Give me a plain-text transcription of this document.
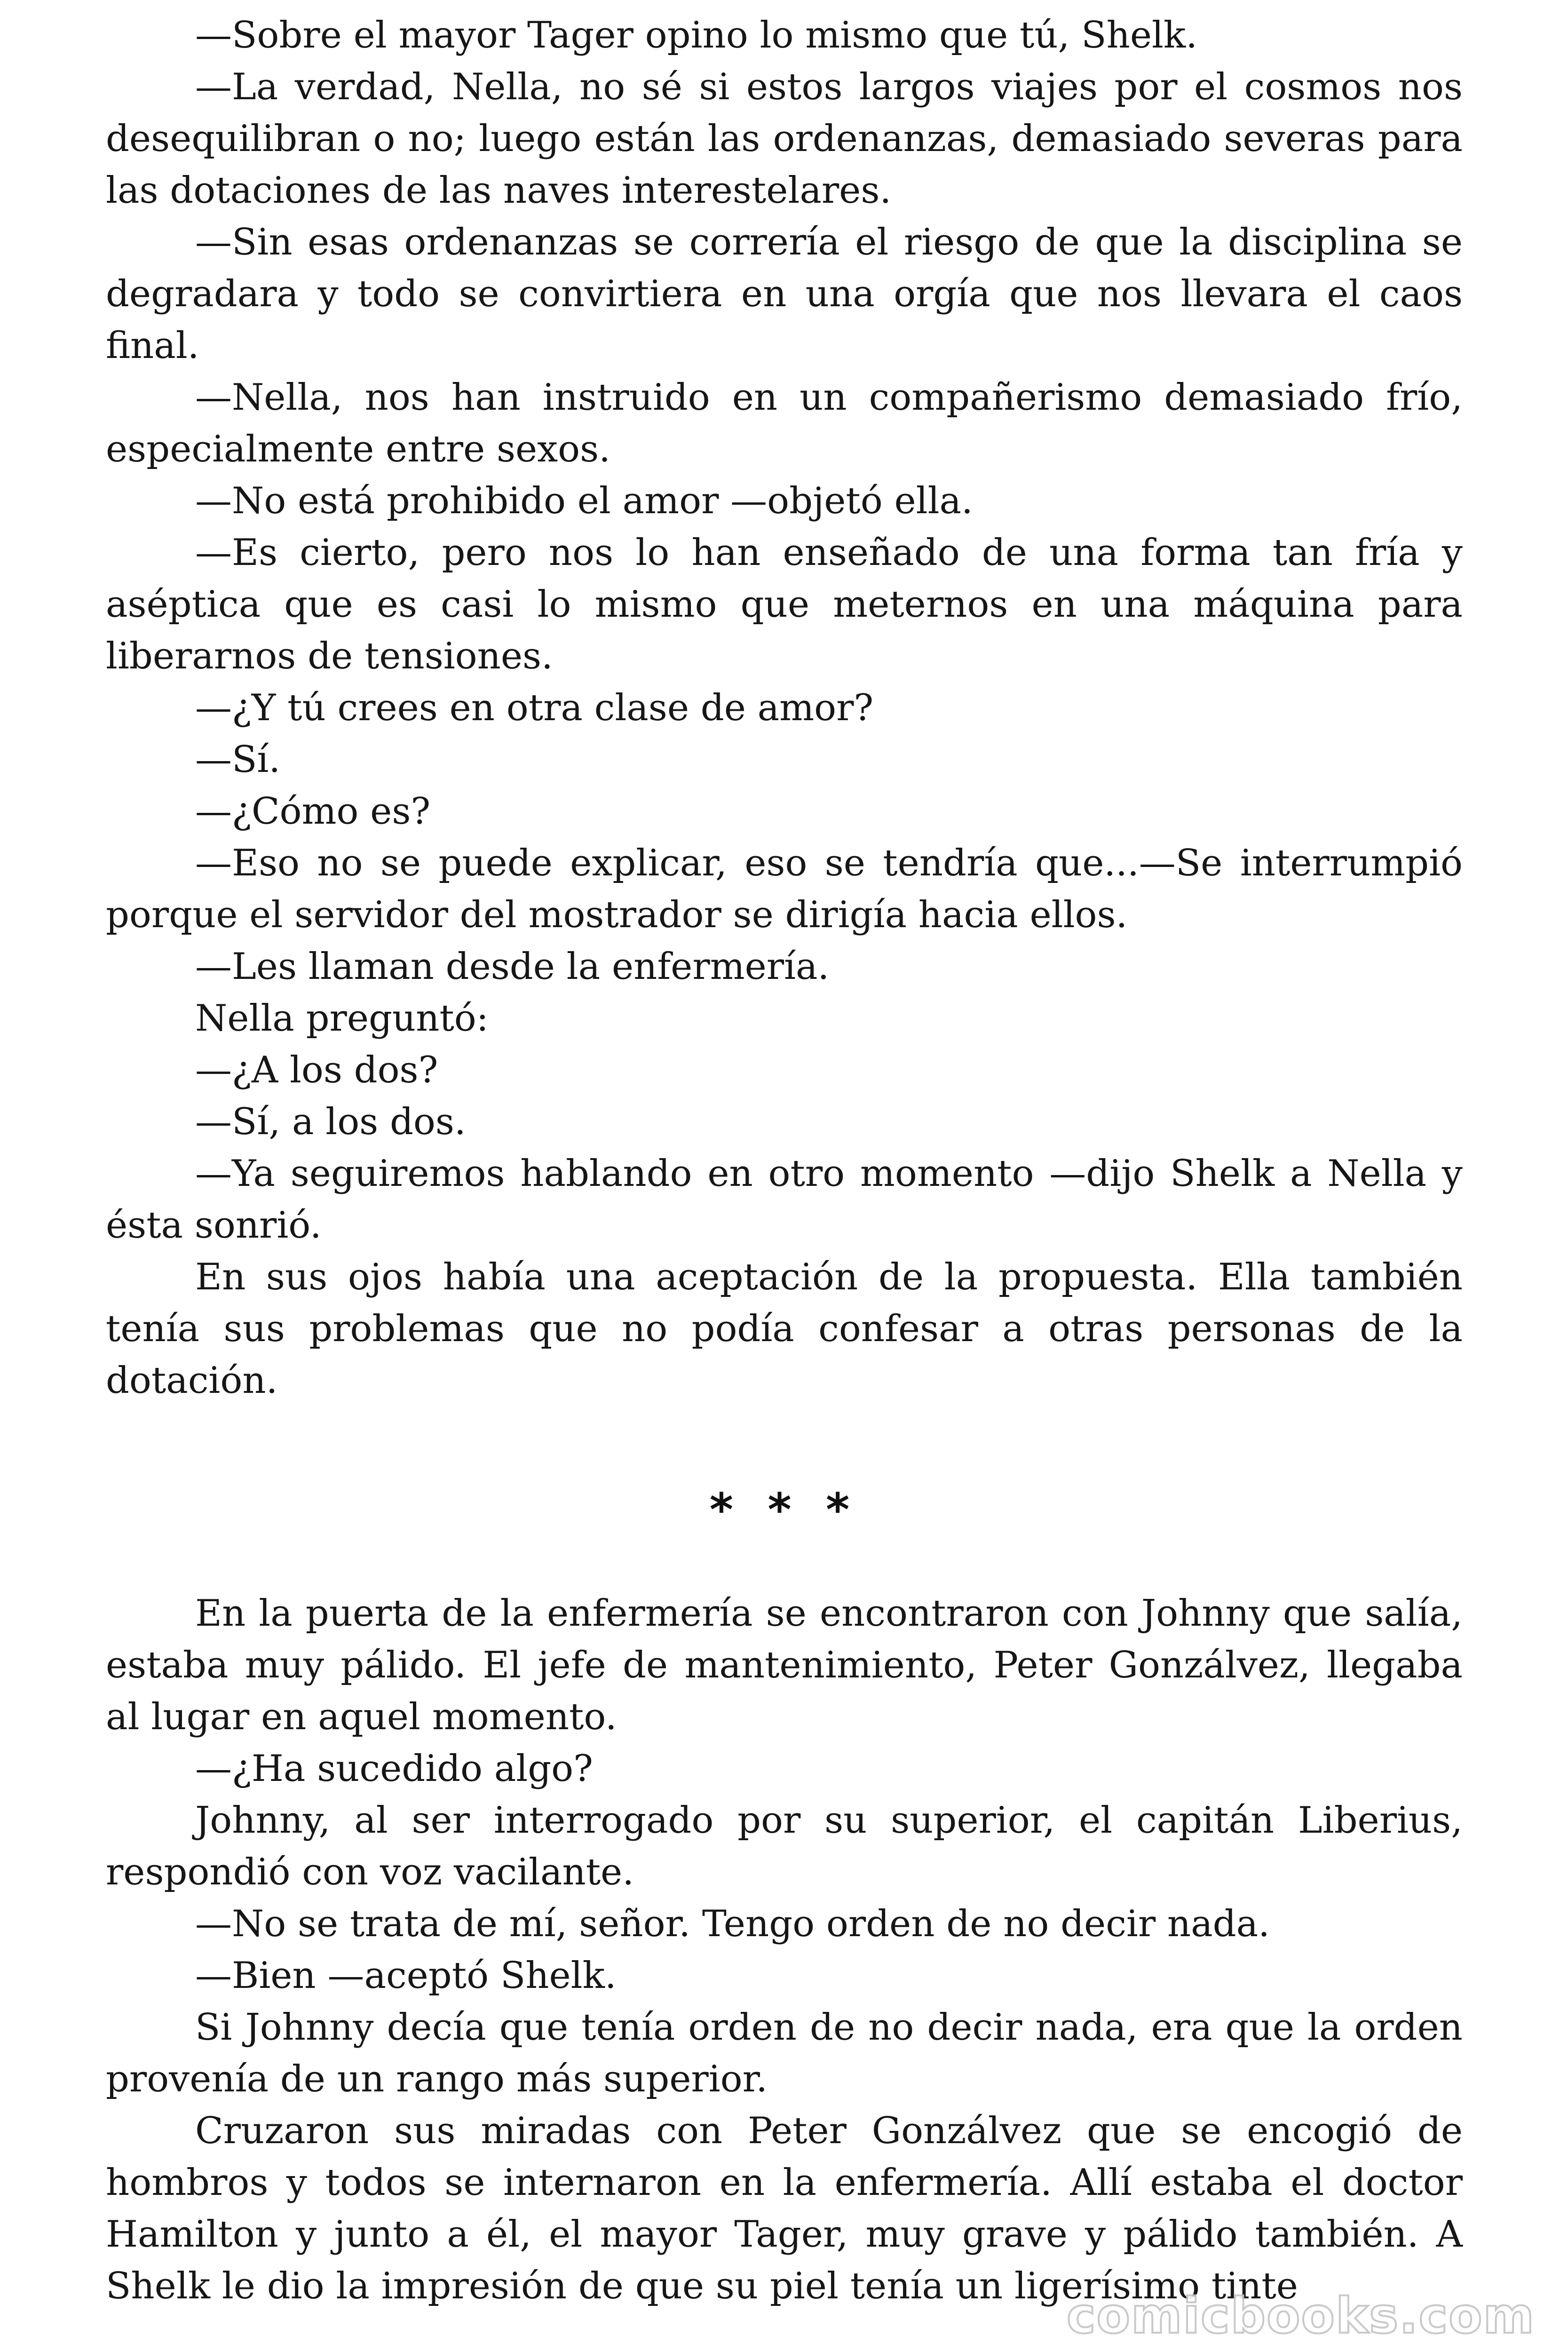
—Sobre el mayor Tager opino lo mismo que tú, Shelk.

—La verdad, Nella, no sé si estos largos viajes por el cosmos nos desequilibran o no; luego están las ordenanzas, demasiado severas para las dotaciones de las naves interestelares.

—Sin esas ordenanzas se correría el riesgo de que la disciplina se degradara y todo se convirtiera en una orgía que nos llevara el caos final.

—Nella, nos han instruido en un compañerismo demasiado frío, especialmente entre sexos.

—No está prohibido el amor —objetó ella.

—Es cierto, pero nos lo han enseñado de una forma tan fría y aséptica que es casi lo mismo que meternos en una máquina para liberarnos de tensiones.

—¿Y tú crees en otra clase de amor?

—Sí.

—¿Cómo es?

—Eso no se puede explicar, eso se tendría que...—Se interrumpió porque el servidor del mostrador se dirigía hacia ellos.

—Les llaman desde la enfermería.

Nella preguntó:

—¿A los dos?

—Sí, a los dos.

—Ya seguiremos hablando en otro momento —dijo Shelk a Nella y ésta sonrió.

En sus ojos había una aceptación de la propuesta. Ella también tenía sus problemas que no podía confesar a otras personas de la dotación.

* * *

En la puerta de la enfermería se encontraron con Johnny que salía, estaba muy pálido. El jefe de mantenimiento, Peter Gonzálvez, llegaba al lugar en aquel momento.

—¿Ha sucedido algo?

Johnny, al ser interrogado por su superior, el capitán Liberius, respondió con voz vacilante.

—No se trata de mí, señor. Tengo orden de no decir nada.

—Bien —aceptó Shelk.

Si Johnny decía que tenía orden de no decir nada, era que la orden provenía de un rango más superior.

Cruzaron sus miradas con Peter Gonzálvez que se encogió de hombros y todos se internaron en la enfermería. Allí estaba el doctor Hamilton y junto a él, el mayor Tager, muy grave y pálido también. A Shelk le dio la impresión de que su piel tenía un ligerísimo tinte

comicbooks.com
